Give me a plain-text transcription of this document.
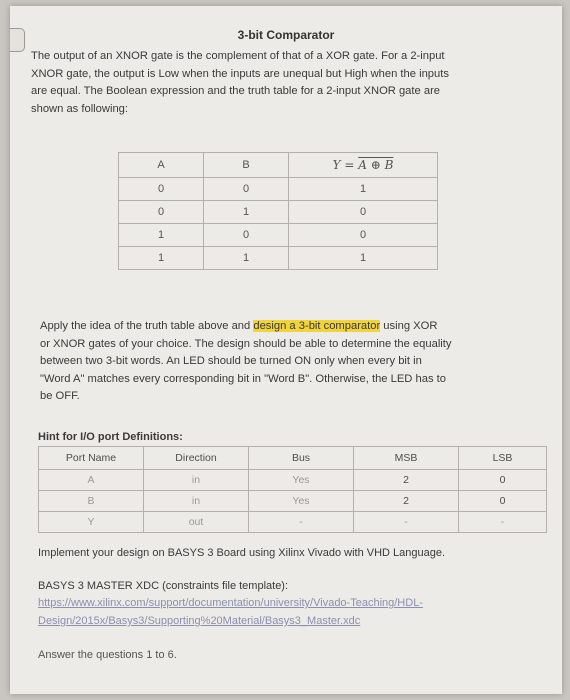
3-bit Comparator

The output of an XNOR gate is the complement of that of a XOR gate. For a 2-input

XNOR gate, the output is Low when the inputs are unequal but High when the inputs

are equal. The Boolean expression and the truth table for a 2-input XNOR gate are

shown as following:

A	B	Y = A ⊕ B
0	0	1
0	1	0
1	0	0
1	1	1

Apply the idea of the truth table above and design a 3-bit comparator using XOR

or XNOR gates of your choice. The design should be able to determine the equality

between two 3-bit words. An LED should be turned ON only when every bit in

"Word A" matches every corresponding bit in "Word B". Otherwise, the LED has to

be OFF.

Hint for I/O port Definitions:
Port Name	Direction	Bus	MSB	LSB
A	in	Yes	2	0
B	in	Yes	2	0
Y	out	-	-	-
Implement your design on BASYS 3 Board using Xilinx Vivado with VHD Language.
BASYS 3 MASTER XDC (constraints file template):
https://www.xilinx.com/support/documentation/university/Vivado-Teaching/HDL-
Design/2015x/Basys3/Supporting%20Material/Basys3_Master.xdc
Answer the questions 1 to 6.
